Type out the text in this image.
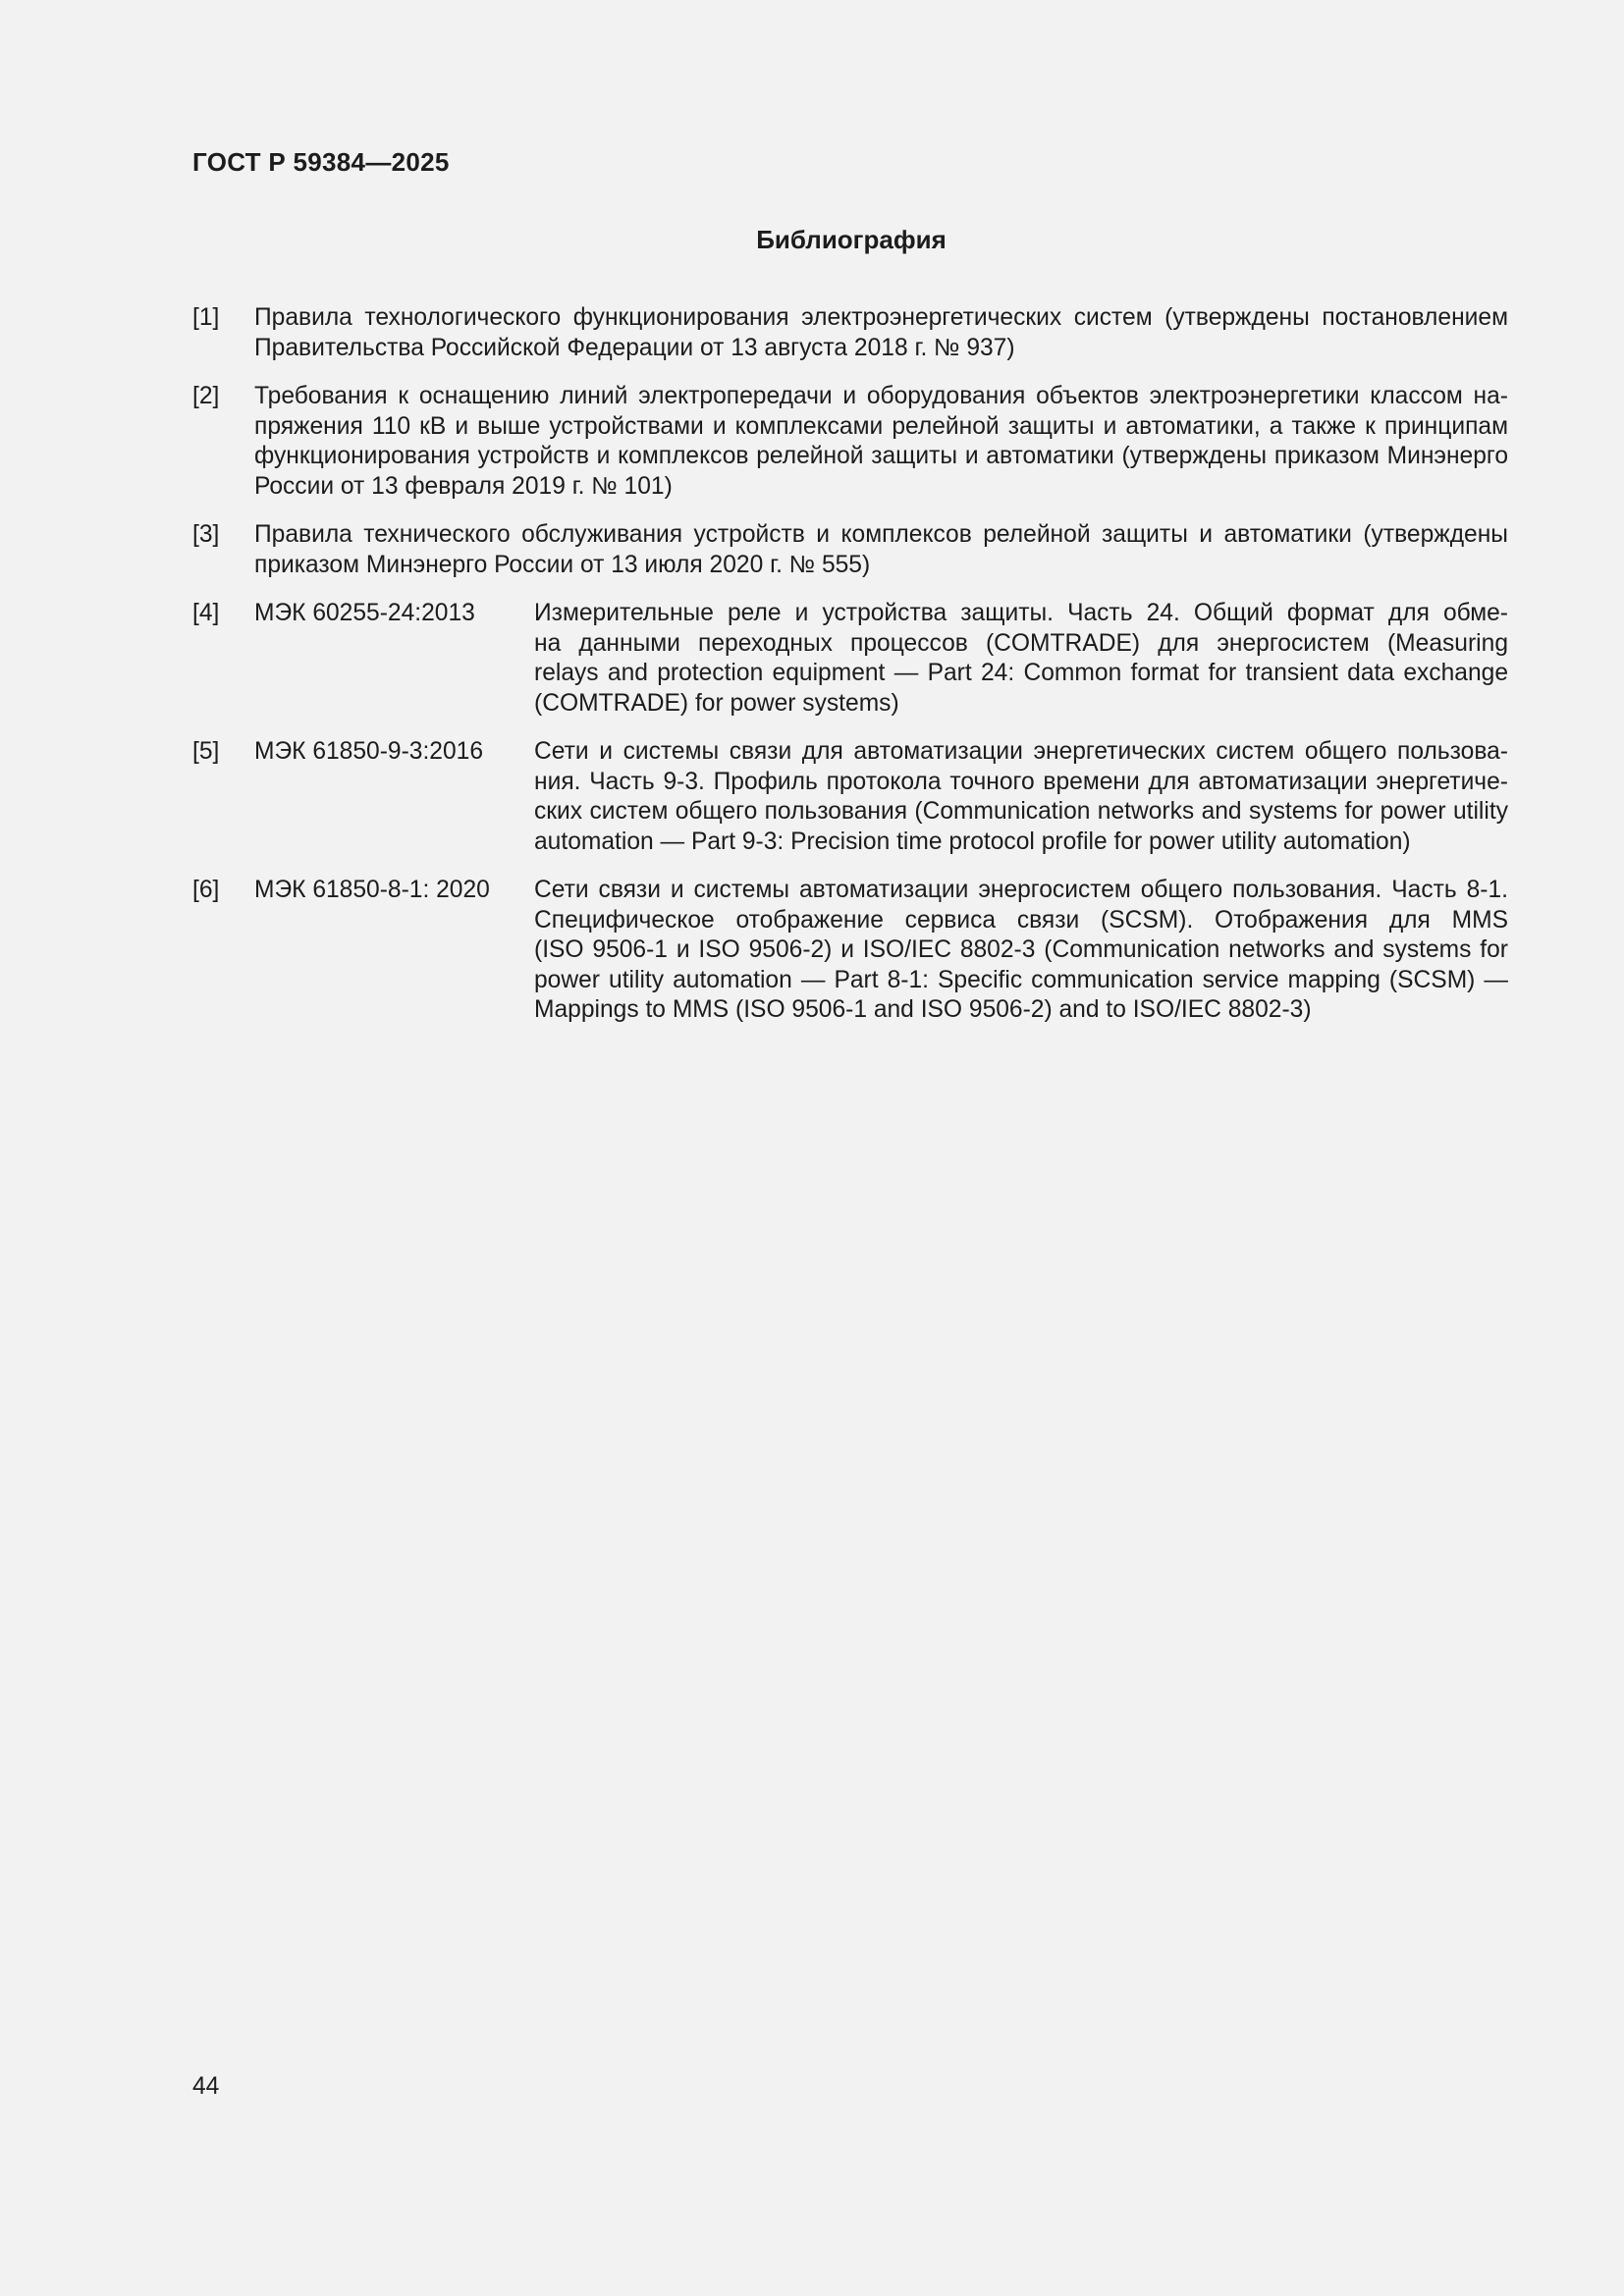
ГОСТ Р 59384—2025
Библиография
[1]	Правила технологического функционирования электроэнергетических систем (утверждены постановлением
Правительства Российской Федерации от 13 августа 2018 г. № 937)
[2]	Требования к оснащению линий электропередачи и оборудования объектов электроэнергетики классом на-
пряжения 110 кВ и выше устройствами и комплексами релейной защиты и автоматики, а также к принципам
функционирования устройств и комплексов релейной защиты и автоматики (утверждены приказом Минэнерго
России от 13 февраля 2019 г. № 101)
[3]	Правила технического обслуживания устройств и комплексов релейной защиты и автоматики (утверждены
приказом Минэнерго России от 13 июля 2020 г. № 555)
[4]	МЭК 60255-24:2013	Измерительные реле и устройства защиты. Часть 24. Общий формат для обме-
на данными переходных процессов (COMTRADE) для энергосистем (Measuring
relays and protection equipment — Part 24: Common format for transient data exchange
(COMTRADE) for power systems)
[5]	МЭК 61850-9-3:2016	Сети и системы связи для автоматизации энергетических систем общего пользова-
ния. Часть 9-3. Профиль протокола точного времени для автоматизации энергетиче-
ских систем общего пользования (Communication networks and systems for power utility
automation — Part 9-3: Precision time protocol profile for power utility automation)
[6]	МЭК 61850-8-1: 2020	Сети связи и системы автоматизации энергосистем общего пользования. Часть 8-1.
Специфическое отображение сервиса связи (SCSM). Отображения для MMS
(ISO 9506-1 и ISO 9506-2) и ISO/IEC 8802-3 (Communication networks and systems for
power utility automation — Part 8-1: Specific communication service mapping (SCSM) —
Mappings to MMS (ISO 9506-1 and ISO 9506-2) and to ISO/IEC 8802-3)
44
